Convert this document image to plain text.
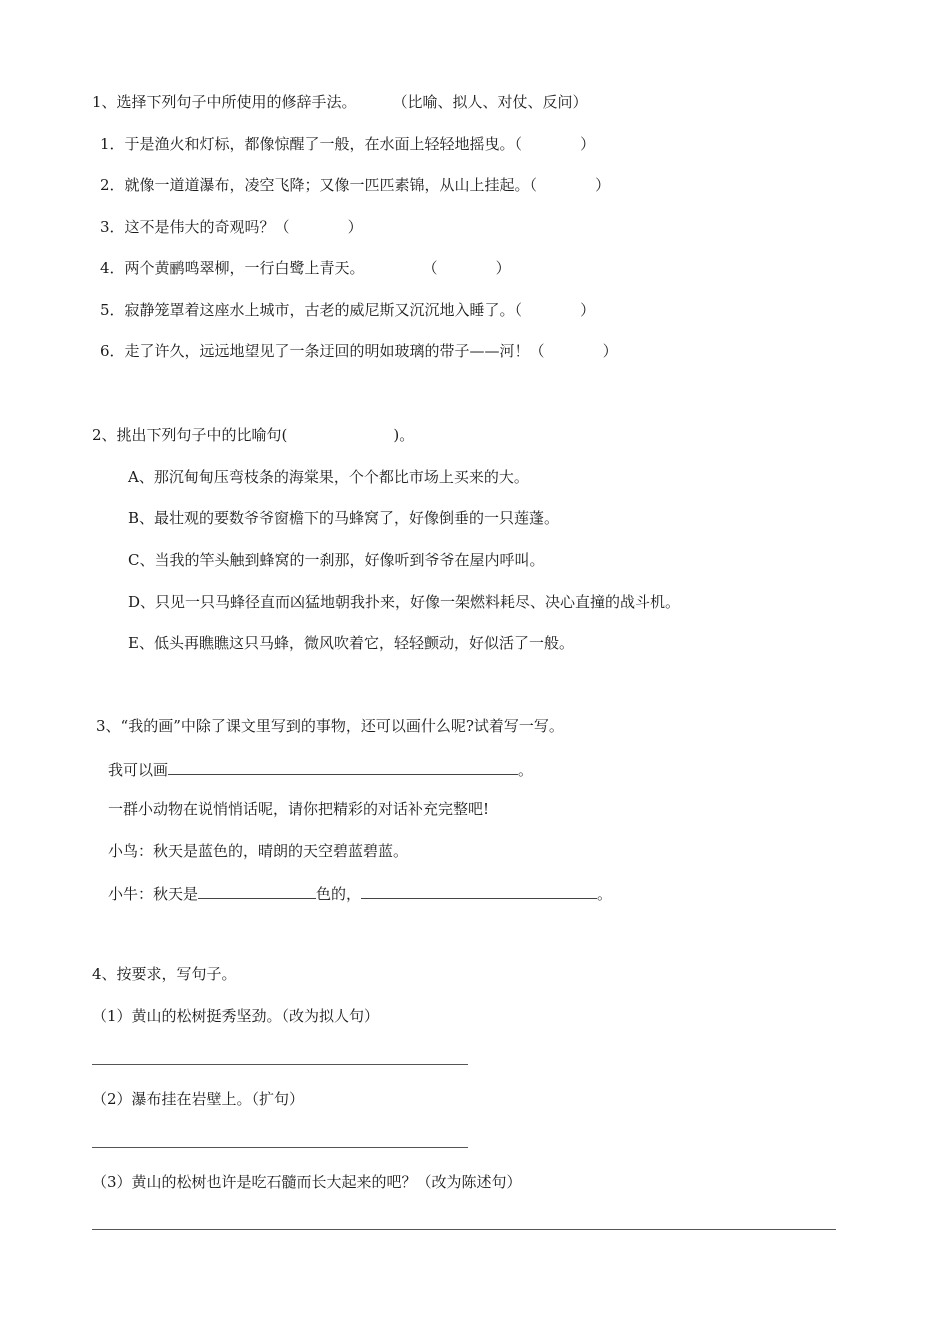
1、选择下列句子中所使用的修辞手法。 （比喻、拟人、对仗、反问）
1．于是渔火和灯标，都像惊醒了一般，在水面上轻轻地摇曳。（	）
2．就像一道道瀑布，凌空飞降；又像一匹匹素锦，从山上挂起。（	）
3．这不是伟大的奇观吗？（	）
4．两个黄鹂鸣翠柳，一行白鹭上青天。	（	）
5．寂静笼罩着这座水上城市，古老的威尼斯又沉沉地入睡了。（	）
6．走了许久，远远地望见了一条迂回的明如玻璃的带子——河！（	）
2、挑出下列句子中的比喻句(	)。
A、那沉甸甸压弯枝条的海棠果，个个都比市场上买来的大。
B、最壮观的要数爷爷窗檐下的马蜂窝了，好像倒垂的一只莲蓬。
C、当我的竿头触到蜂窝的一刹那，好像听到爷爷在屋内呼叫。
D、只见一只马蜂径直而凶猛地朝我扑来，好像一架燃料耗尽、决心直撞的战斗机。
E、低头再瞧瞧这只马蜂，微风吹着它，轻轻颤动，好似活了一般。
3、“我的画”中除了课文里写到的事物，还可以画什么呢?试着写一写。
我可以画	。
一群小动物在说悄悄话呢，请你把精彩的对话补充完整吧!
小鸟：秋天是蓝色的，晴朗的天空碧蓝碧蓝。
小牛：秋天是	色的，	。
4、按要求，写句子。
（1）黄山的松树挺秀坚劲。（改为拟人句）
（2）瀑布挂在岩壁上。（扩句）
（3）黄山的松树也许是吃石髓而长大起来的吧？（改为陈述句）
